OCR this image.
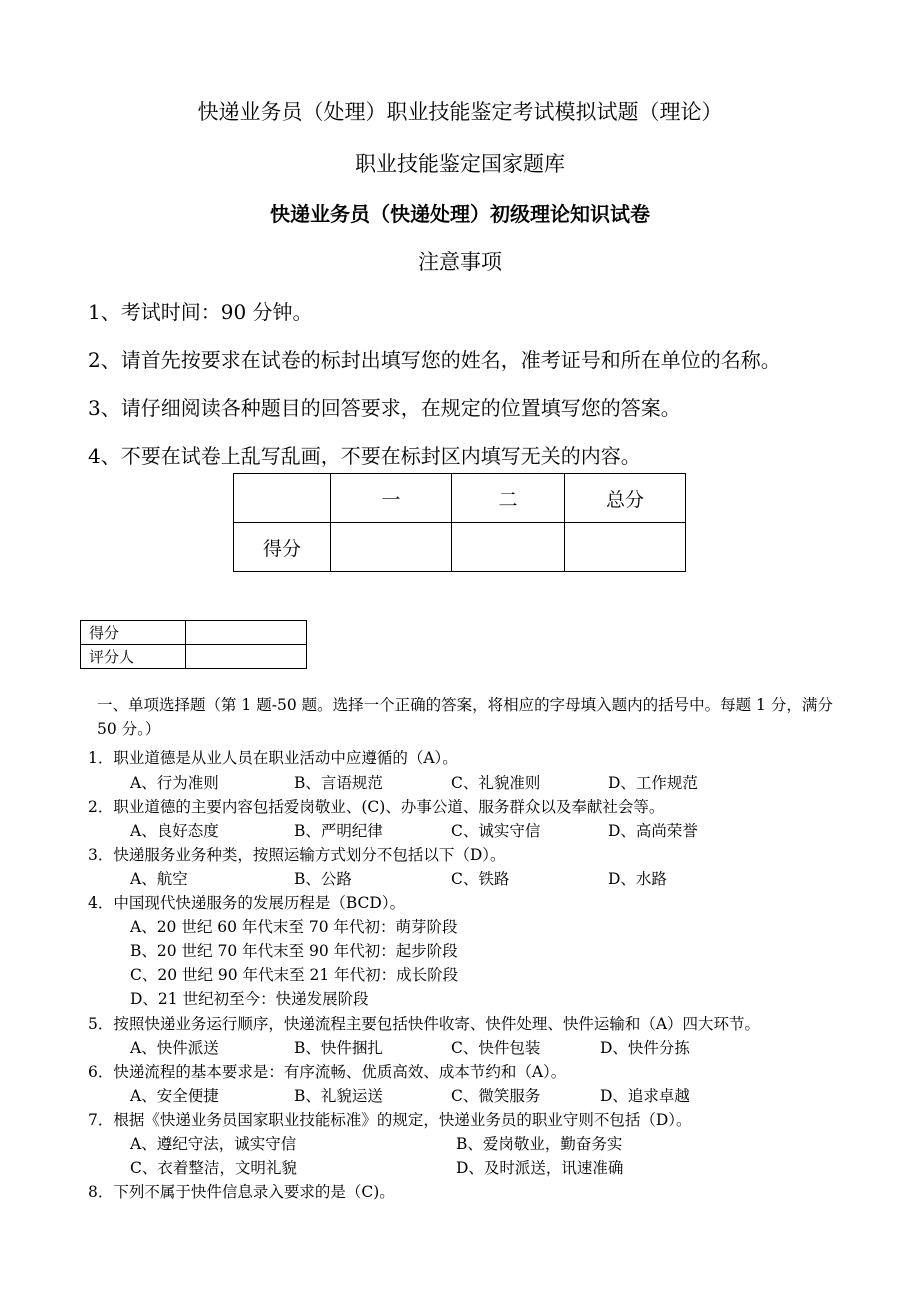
快递业务员（处理）职业技能鉴定考试模拟试题（理论）
职业技能鉴定国家题库
快递业务员（快递处理）初级理论知识试卷
注意事项
1、考试时间：90 分钟。
2、请首先按要求在试卷的标封出填写您的姓名，准考证号和所在单位的名称。
3、请仔细阅读各种题目的回答要求，在规定的位置填写您的答案。
4、不要在试卷上乱写乱画，不要在标封区内填写无关的内容。
	一	二	总分
得分			
得分	
评分人	
一、单项选择题（第 1 题-50 题。选择一个正确的答案，将相应的字母填入题内的括号中。每题 1 分，满分 50 分。）
1．职业道德是从业人员在职业活动中应遵循的（A）。
A、行为准则	B、言语规范	C、礼貌准则	D、工作规范
2．职业道德的主要内容包括爱岗敬业、(C)、办事公道、服务群众以及奉献社会等。
A、良好态度	B、严明纪律	C、诚实守信	D、高尚荣誉
3．快递服务业务种类，按照运输方式划分不包括以下（D）。
A、航空	B、公路	C、铁路	D、水路
4．中国现代快递服务的发展历程是（BCD）。
A、20 世纪 60 年代末至 70 年代初：萌芽阶段
B、20 世纪 70 年代末至 90 年代初：起步阶段
C、20 世纪 90 年代末至 21 年代初：成长阶段
D、21 世纪初至今：快递发展阶段
5．按照快递业务运行顺序，快递流程主要包括快件收寄、快件处理、快件运输和（A）四大环节。
A、快件派送	B、快件捆扎	C、快件包装	D、快件分拣
6．快递流程的基本要求是：有序流畅、优质高效、成本节约和（A）。
A、安全便捷	B、礼貌运送	C、微笑服务	D、追求卓越
7．根据《快递业务员国家职业技能标准》的规定，快递业务员的职业守则不包括（D）。
A、遵纪守法，诚实守信	B、爱岗敬业，勤奋务实
C、衣着整洁，文明礼貌	D、及时派送，讯速准确
8．下列不属于快件信息录入要求的是（C)。
